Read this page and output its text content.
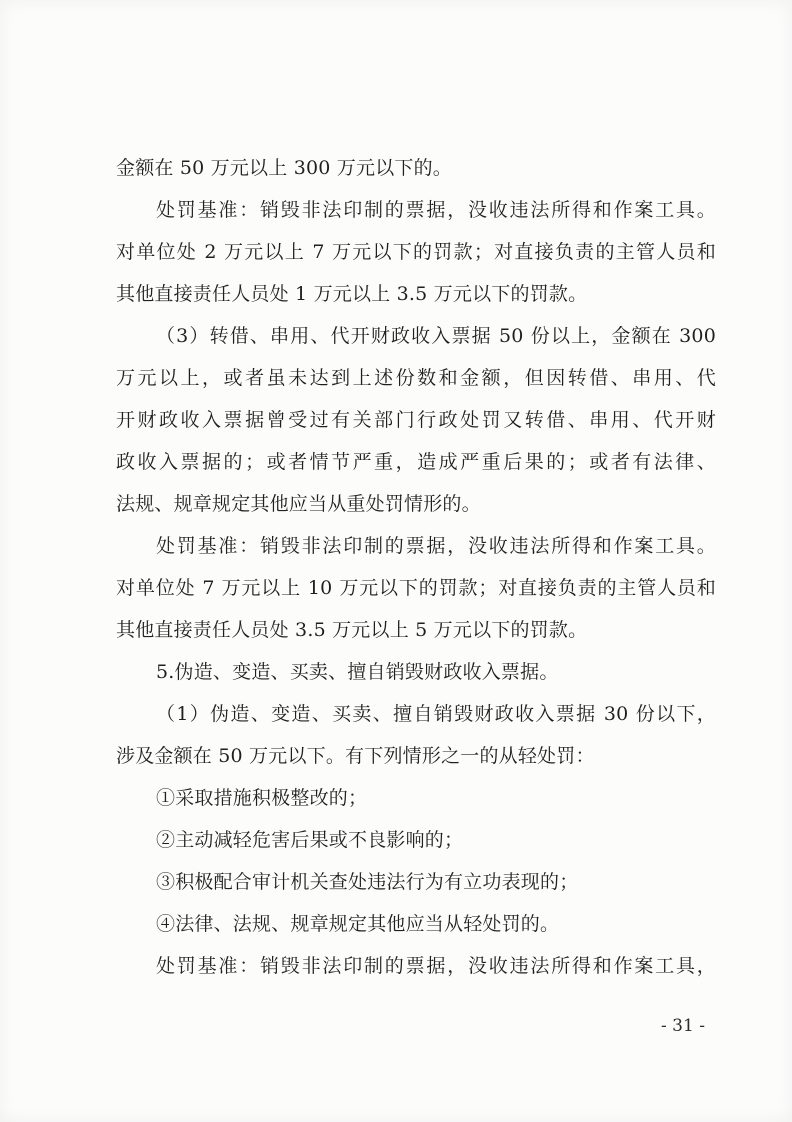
金额在 50 万元以上 300 万元以下的。
处罚基准：销毁非法印制的票据，没收违法所得和作案工具。
对单位处 2 万元以上 7 万元以下的罚款；对直接负责的主管人员和
其他直接责任人员处 1 万元以上 3.5 万元以下的罚款。
（3）转借、串用、代开财政收入票据 50 份以上，金额在 300
万元以上，或者虽未达到上述份数和金额，但因转借、串用、代
开财政收入票据曾受过有关部门行政处罚又转借、串用、代开财
政收入票据的；或者情节严重，造成严重后果的；或者有法律、
法规、规章规定其他应当从重处罚情形的。
处罚基准：销毁非法印制的票据，没收违法所得和作案工具。
对单位处 7 万元以上 10 万元以下的罚款；对直接负责的主管人员和
其他直接责任人员处 3.5 万元以上 5 万元以下的罚款。
5.伪造、变造、买卖、擅自销毁财政收入票据。
（1）伪造、变造、买卖、擅自销毁财政收入票据 30 份以下，
涉及金额在 50 万元以下。有下列情形之一的从轻处罚：
①采取措施积极整改的；
②主动减轻危害后果或不良影响的；
③积极配合审计机关查处违法行为有立功表现的；
④法律、法规、规章规定其他应当从轻处罚的。
处罚基准：销毁非法印制的票据，没收违法所得和作案工具，
- 31 -
